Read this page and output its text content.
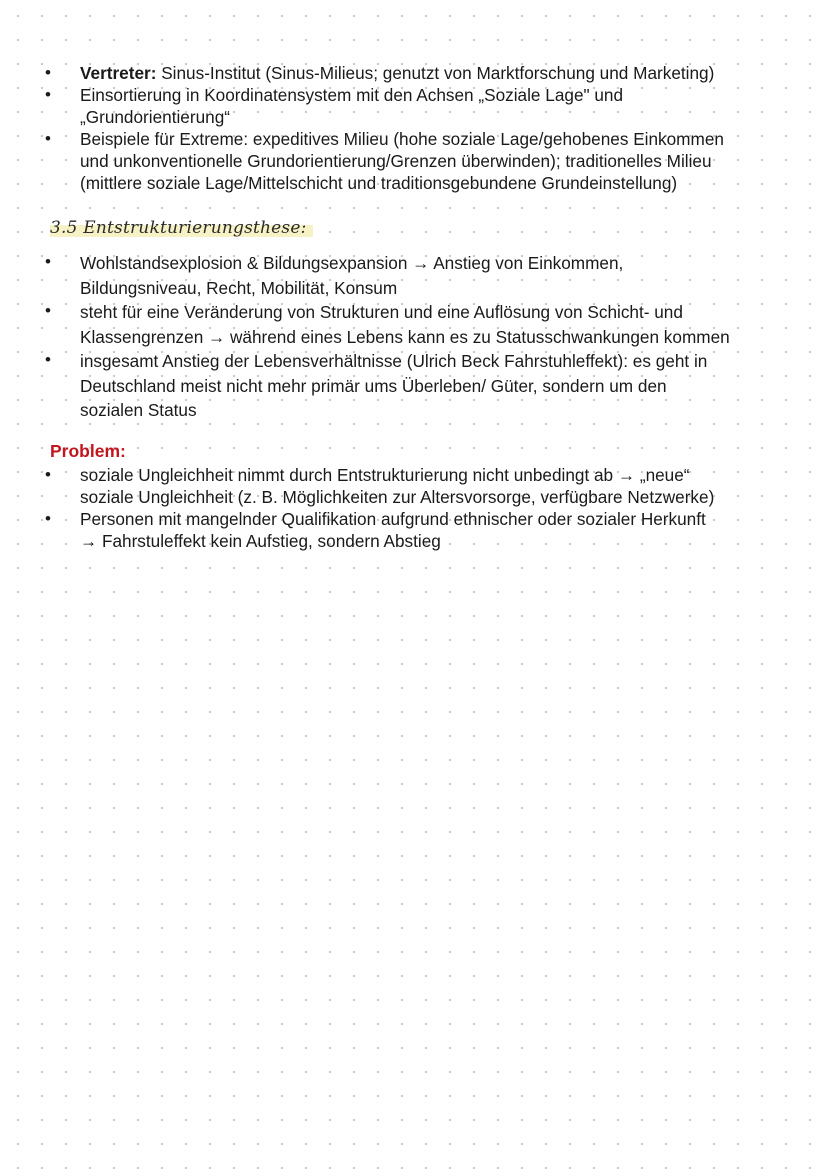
• Vertreter: Sinus-Institut (Sinus-Milieus; genutzt von Marktforschung und Marketing)
• Einsortierung in Koordinatensystem mit den Achsen „Soziale Lage" und
„Grundorientierung“
• Beispiele für Extreme: expeditives Milieu (hohe soziale Lage/gehobenes Einkommen
und unkonventionelle Grundorientierung/Grenzen überwinden); traditionelles Milieu
(mittlere soziale Lage/Mittelschicht und traditionsgebundene Grundeinstellung)
3.5 Entstrukturierungsthese:
• Wohlstandsexplosion & Bildungsexpansion → Anstieg von Einkommen,
Bildungsniveau, Recht, Mobilität, Konsum
• steht für eine Veränderung von Strukturen und eine Auflösung von Schicht- und
Klassengrenzen → während eines Lebens kann es zu Statusschwankungen kommen
• insgesamt Anstieg der Lebensverhältnisse (Ulrich Beck Fahrstuhleffekt): es geht in
Deutschland meist nicht mehr primär ums Überleben/ Güter, sondern um den
sozialen Status
Problem:
• soziale Ungleichheit nimmt durch Entstrukturierung nicht unbedingt ab → „neue“
soziale Ungleichheit (z. B. Möglichkeiten zur Altersvorsorge, verfügbare Netzwerke)
• Personen mit mangelnder Qualifikation aufgrund ethnischer oder sozialer Herkunft
→ Fahrstuleffekt kein Aufstieg, sondern Abstieg
